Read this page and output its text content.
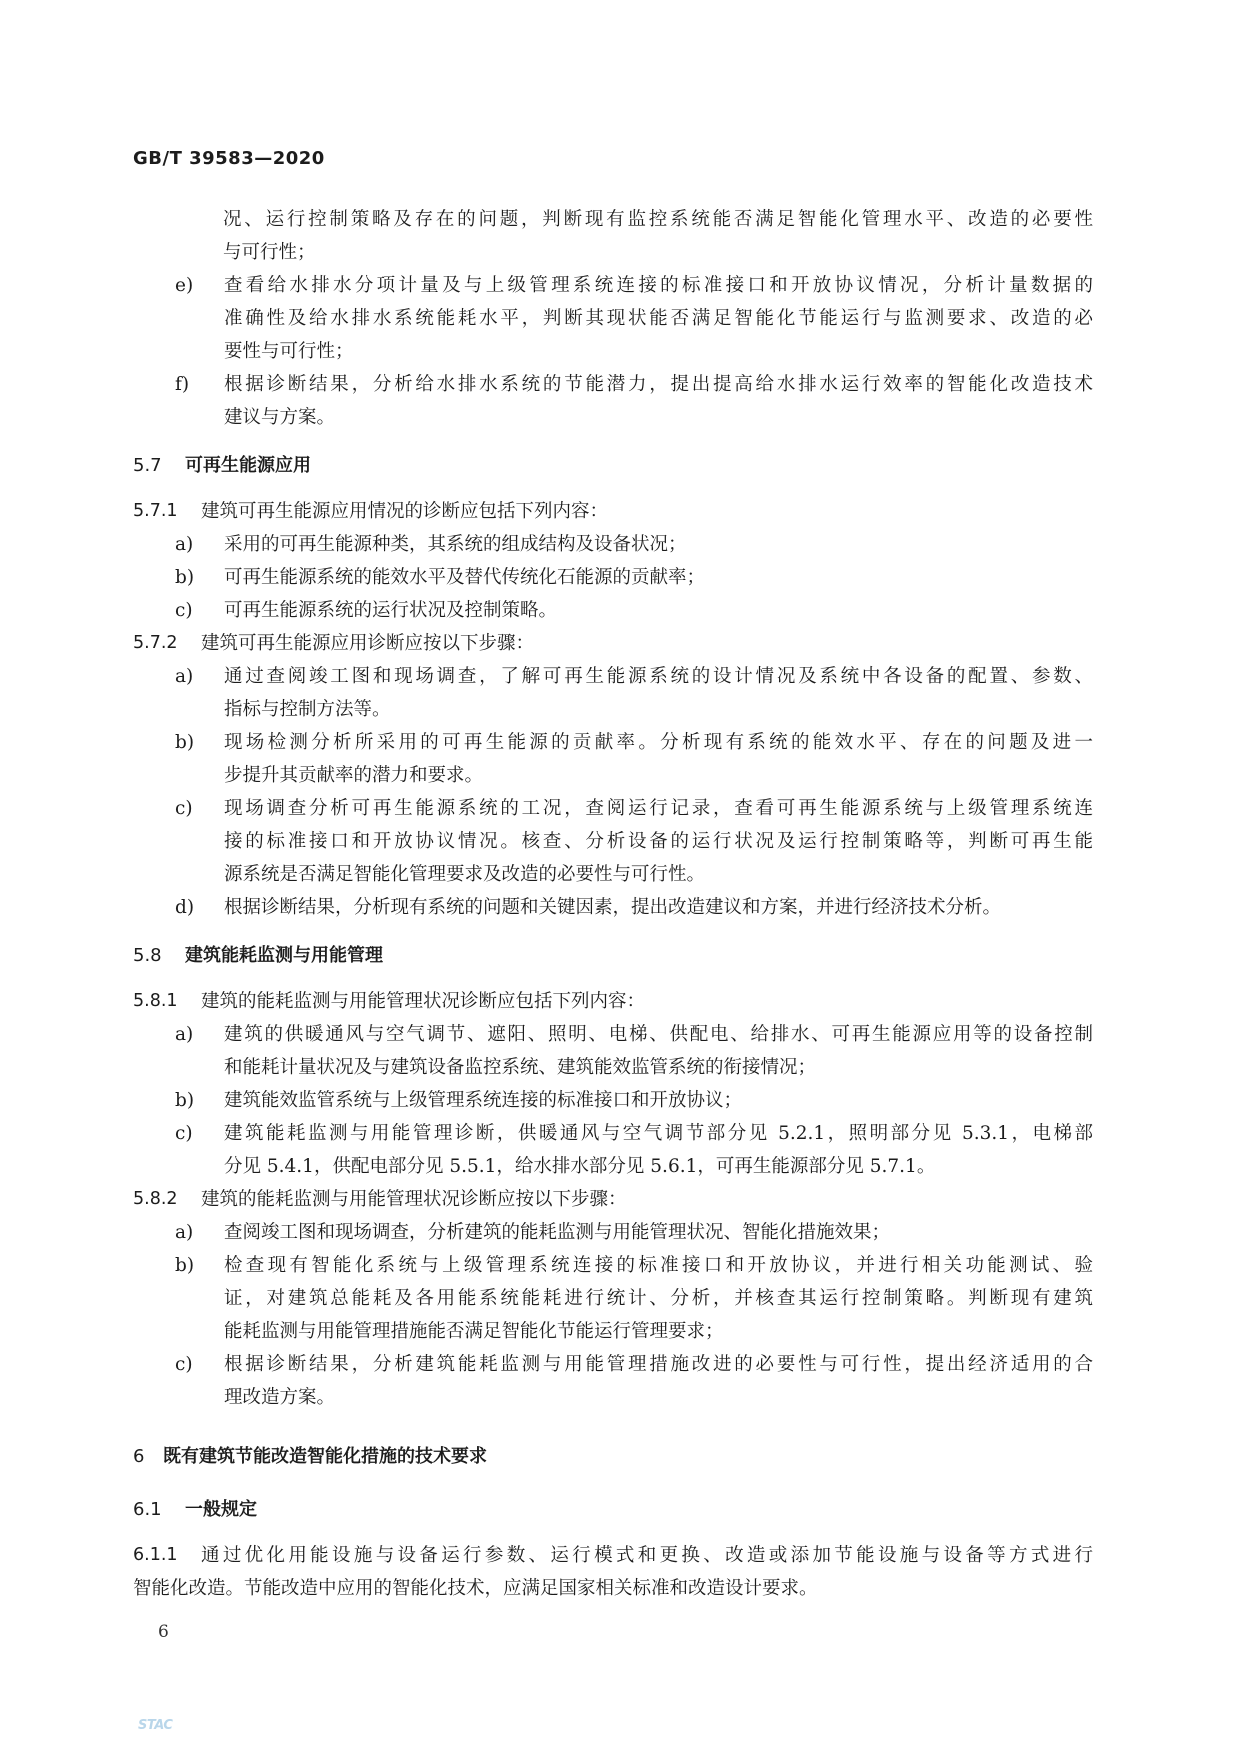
GB/T 39583—2020
况、运行控制策略及存在的问题，判断现有监控系统能否满足智能化管理水平、改造的必要性
与可行性；
e)	查看给水排水分项计量及与上级管理系统连接的标准接口和开放协议情况，分析计量数据的
准确性及给水排水系统能耗水平，判断其现状能否满足智能化节能运行与监测要求、改造的必
要性与可行性；
f)	根据诊断结果，分析给水排水系统的节能潜力，提出提高给水排水运行效率的智能化改造技术
建议与方案。
5.7	可再生能源应用
5.7.1	建筑可再生能源应用情况的诊断应包括下列内容：
a)	采用的可再生能源种类，其系统的组成结构及设备状况；
b)	可再生能源系统的能效水平及替代传统化石能源的贡献率；
c)	可再生能源系统的运行状况及控制策略。
5.7.2	建筑可再生能源应用诊断应按以下步骤：
a)	通过查阅竣工图和现场调查，了解可再生能源系统的设计情况及系统中各设备的配置、参数、
指标与控制方法等。
b)	现场检测分析所采用的可再生能源的贡献率。分析现有系统的能效水平、存在的问题及进一
步提升其贡献率的潜力和要求。
c)	现场调查分析可再生能源系统的工况，查阅运行记录，查看可再生能源系统与上级管理系统连
接的标准接口和开放协议情况。核查、分析设备的运行状况及运行控制策略等，判断可再生能
源系统是否满足智能化管理要求及改造的必要性与可行性。
d)	根据诊断结果，分析现有系统的问题和关键因素，提出改造建议和方案，并进行经济技术分析。
5.8	建筑能耗监测与用能管理
5.8.1	建筑的能耗监测与用能管理状况诊断应包括下列内容：
a)	建筑的供暖通风与空气调节、遮阳、照明、电梯、供配电、给排水、可再生能源应用等的设备控制
和能耗计量状况及与建筑设备监控系统、建筑能效监管系统的衔接情况；
b)	建筑能效监管系统与上级管理系统连接的标准接口和开放协议；
c)	建筑能耗监测与用能管理诊断，供暖通风与空气调节部分见 5.2.1，照明部分见 5.3.1，电梯部
分见 5.4.1，供配电部分见 5.5.1，给水排水部分见 5.6.1，可再生能源部分见 5.7.1。
5.8.2	建筑的能耗监测与用能管理状况诊断应按以下步骤：
a)	查阅竣工图和现场调查，分析建筑的能耗监测与用能管理状况、智能化措施效果；
b)	检查现有智能化系统与上级管理系统连接的标准接口和开放协议，并进行相关功能测试、验
证，对建筑总能耗及各用能系统能耗进行统计、分析，并核查其运行控制策略。判断现有建筑
能耗监测与用能管理措施能否满足智能化节能运行管理要求；
c)	根据诊断结果，分析建筑能耗监测与用能管理措施改进的必要性与可行性，提出经济适用的合
理改造方案。
6	既有建筑节能改造智能化措施的技术要求
6.1	一般规定
6.1.1	通过优化用能设施与设备运行参数、运行模式和更换、改造或添加节能设施与设备等方式进行
智能化改造。节能改造中应用的智能化技术，应满足国家相关标准和改造设计要求。
6
STAC
